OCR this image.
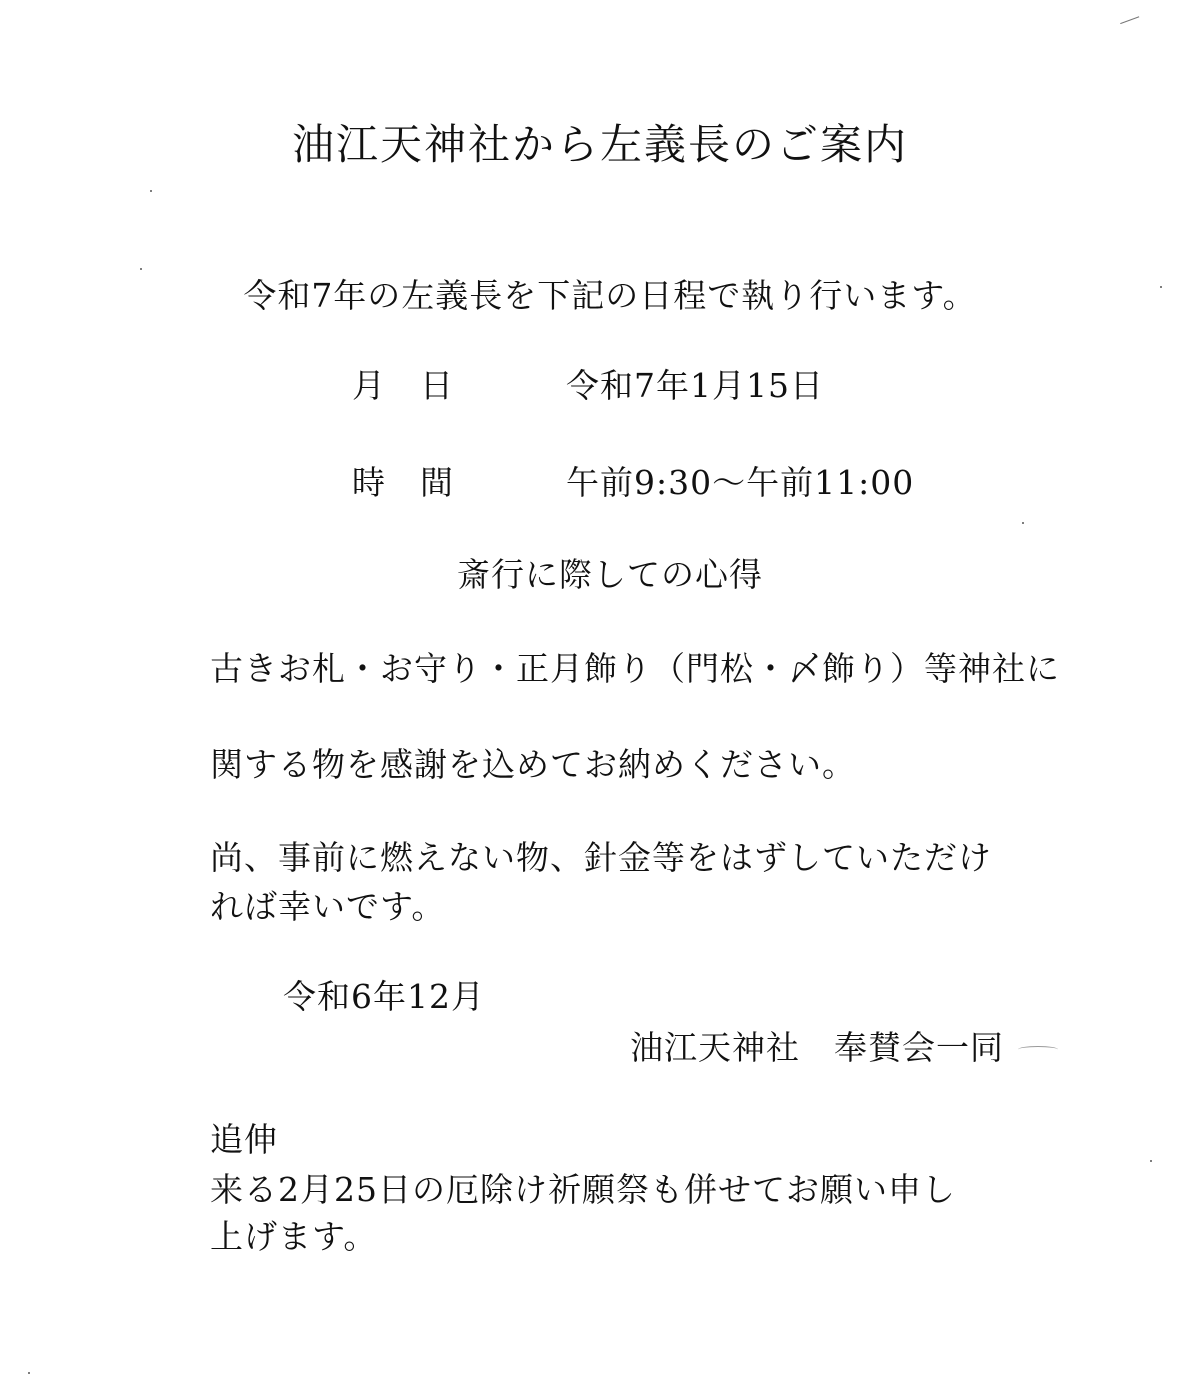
油江天神社から左義長のご案内
令和7年の左義長を下記の日程で執り行います。
月　日	令和7年1月15日
時　間	午前9:30～午前11:00
斎行に際しての心得
古きお札・お守り・正月飾り（門松・〆飾り）等神社に
関する物を感謝を込めてお納めください。
尚、事前に燃えない物、針金等をはずしていただけ
れば幸いです。
令和6年12月
油江天神社　奉賛会一同
追伸
来る2月25日の厄除け祈願祭も併せてお願い申し
上げます。
